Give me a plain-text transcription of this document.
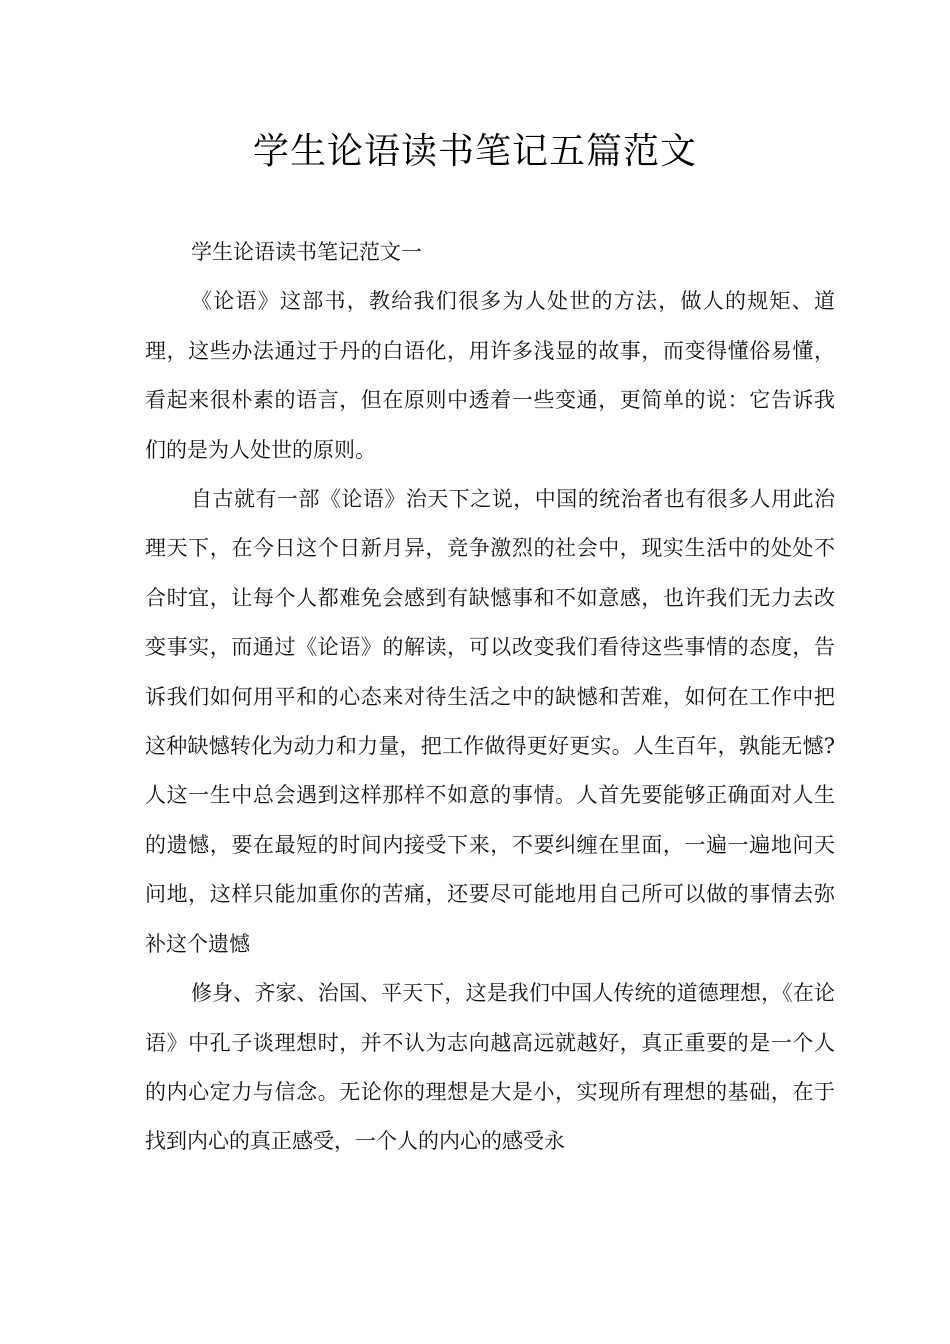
学生论语读书笔记五篇范文
学生论语读书笔记范文一

《论语》这部书，教给我们很多为人处世的方法，做人的规矩、道理，这些办法通过于丹的白语化，用许多浅显的故事，而变得懂俗易懂，看起来很朴素的语言，但在原则中透着一些变通，更简单的说：它告诉我们的是为人处世的原则。

自古就有一部《论语》治天下之说，中国的统治者也有很多人用此治理天下，在今日这个日新月异，竞争激烈的社会中，现实生活中的处处不合时宜，让每个人都难免会感到有缺憾事和不如意感，也许我们无力去改变事实，而通过《论语》的解读，可以改变我们看待这些事情的态度，告诉我们如何用平和的心态来对待生活之中的缺憾和苦难，如何在工作中把这种缺憾转化为动力和力量，把工作做得更好更实。人生百年，孰能无憾?人这一生中总会遇到这样那样不如意的事情。人首先要能够正确面对人生的遗憾，要在最短的时间内接受下来，不要纠缠在里面，一遍一遍地问天问地，这样只能加重你的苦痛，还要尽可能地用自己所可以做的事情去弥补这个遗憾

修身、齐家、治国、平天下，这是我们中国人传统的道德理想，《在论语》中孔子谈理想时，并不认为志向越高远就越好，真正重要的是一个人的内心定力与信念。无论你的理想是大是小，实现所有理想的基础，在于找到内心的真正感受，一个人的内心的感受永
